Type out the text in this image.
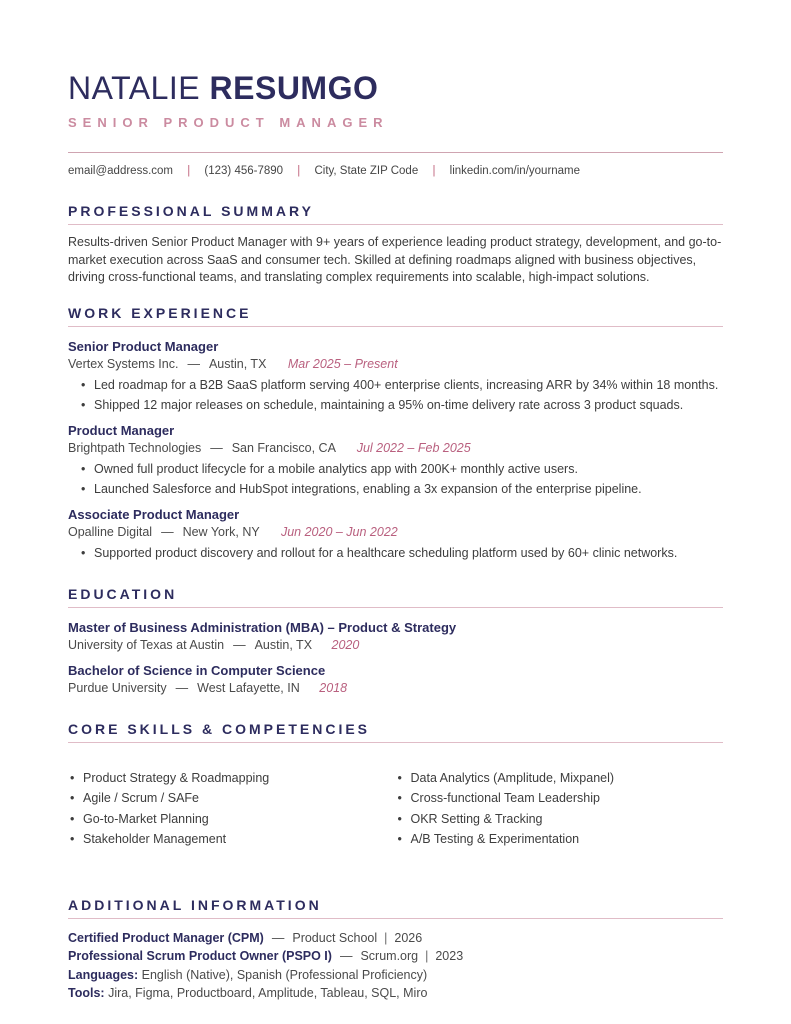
NATALIE RESUMGO
SENIOR PRODUCT MANAGER
email@address.com | (123) 456-7890 | City, State ZIP Code | linkedin.com/in/yourname
PROFESSIONAL SUMMARY
Results-driven Senior Product Manager with 9+ years of experience leading product strategy, development, and go-to-market execution across SaaS and consumer tech. Skilled at defining roadmaps aligned with business objectives, driving cross-functional teams, and translating complex requirements into scalable, high-impact solutions.
WORK EXPERIENCE
Senior Product Manager
Vertex Systems Inc. — Austin, TX Mar 2025 – Present
• Led roadmap for a B2B SaaS platform serving 400+ enterprise clients, increasing ARR by 34% within 18 months.
• Shipped 12 major releases on schedule, maintaining a 95% on-time delivery rate across 3 product squads.
Product Manager
Brightpath Technologies — San Francisco, CA Jul 2022 – Feb 2025
• Owned full product lifecycle for a mobile analytics app with 200K+ monthly active users.
• Launched Salesforce and HubSpot integrations, enabling a 3x expansion of the enterprise pipeline.
Associate Product Manager
Opalline Digital — New York, NY Jun 2020 – Jun 2022
• Supported product discovery and rollout for a healthcare scheduling platform used by 60+ clinic networks.
EDUCATION
Master of Business Administration (MBA) – Product & Strategy
University of Texas at Austin — Austin, TX 2020
Bachelor of Science in Computer Science
Purdue University — West Lafayette, IN 2018
CORE SKILLS & COMPETENCIES
• Product Strategy & Roadmapping
• Agile / Scrum / SAFe
• Go-to-Market Planning
• Stakeholder Management
• Data Analytics (Amplitude, Mixpanel)
• Cross-functional Team Leadership
• OKR Setting & Tracking
• A/B Testing & Experimentation
ADDITIONAL INFORMATION
Certified Product Manager (CPM) — Product School | 2026
Professional Scrum Product Owner (PSPO I) — Scrum.org | 2023
Languages: English (Native), Spanish (Professional Proficiency)
Tools: Jira, Figma, Productboard, Amplitude, Tableau, SQL, Miro
